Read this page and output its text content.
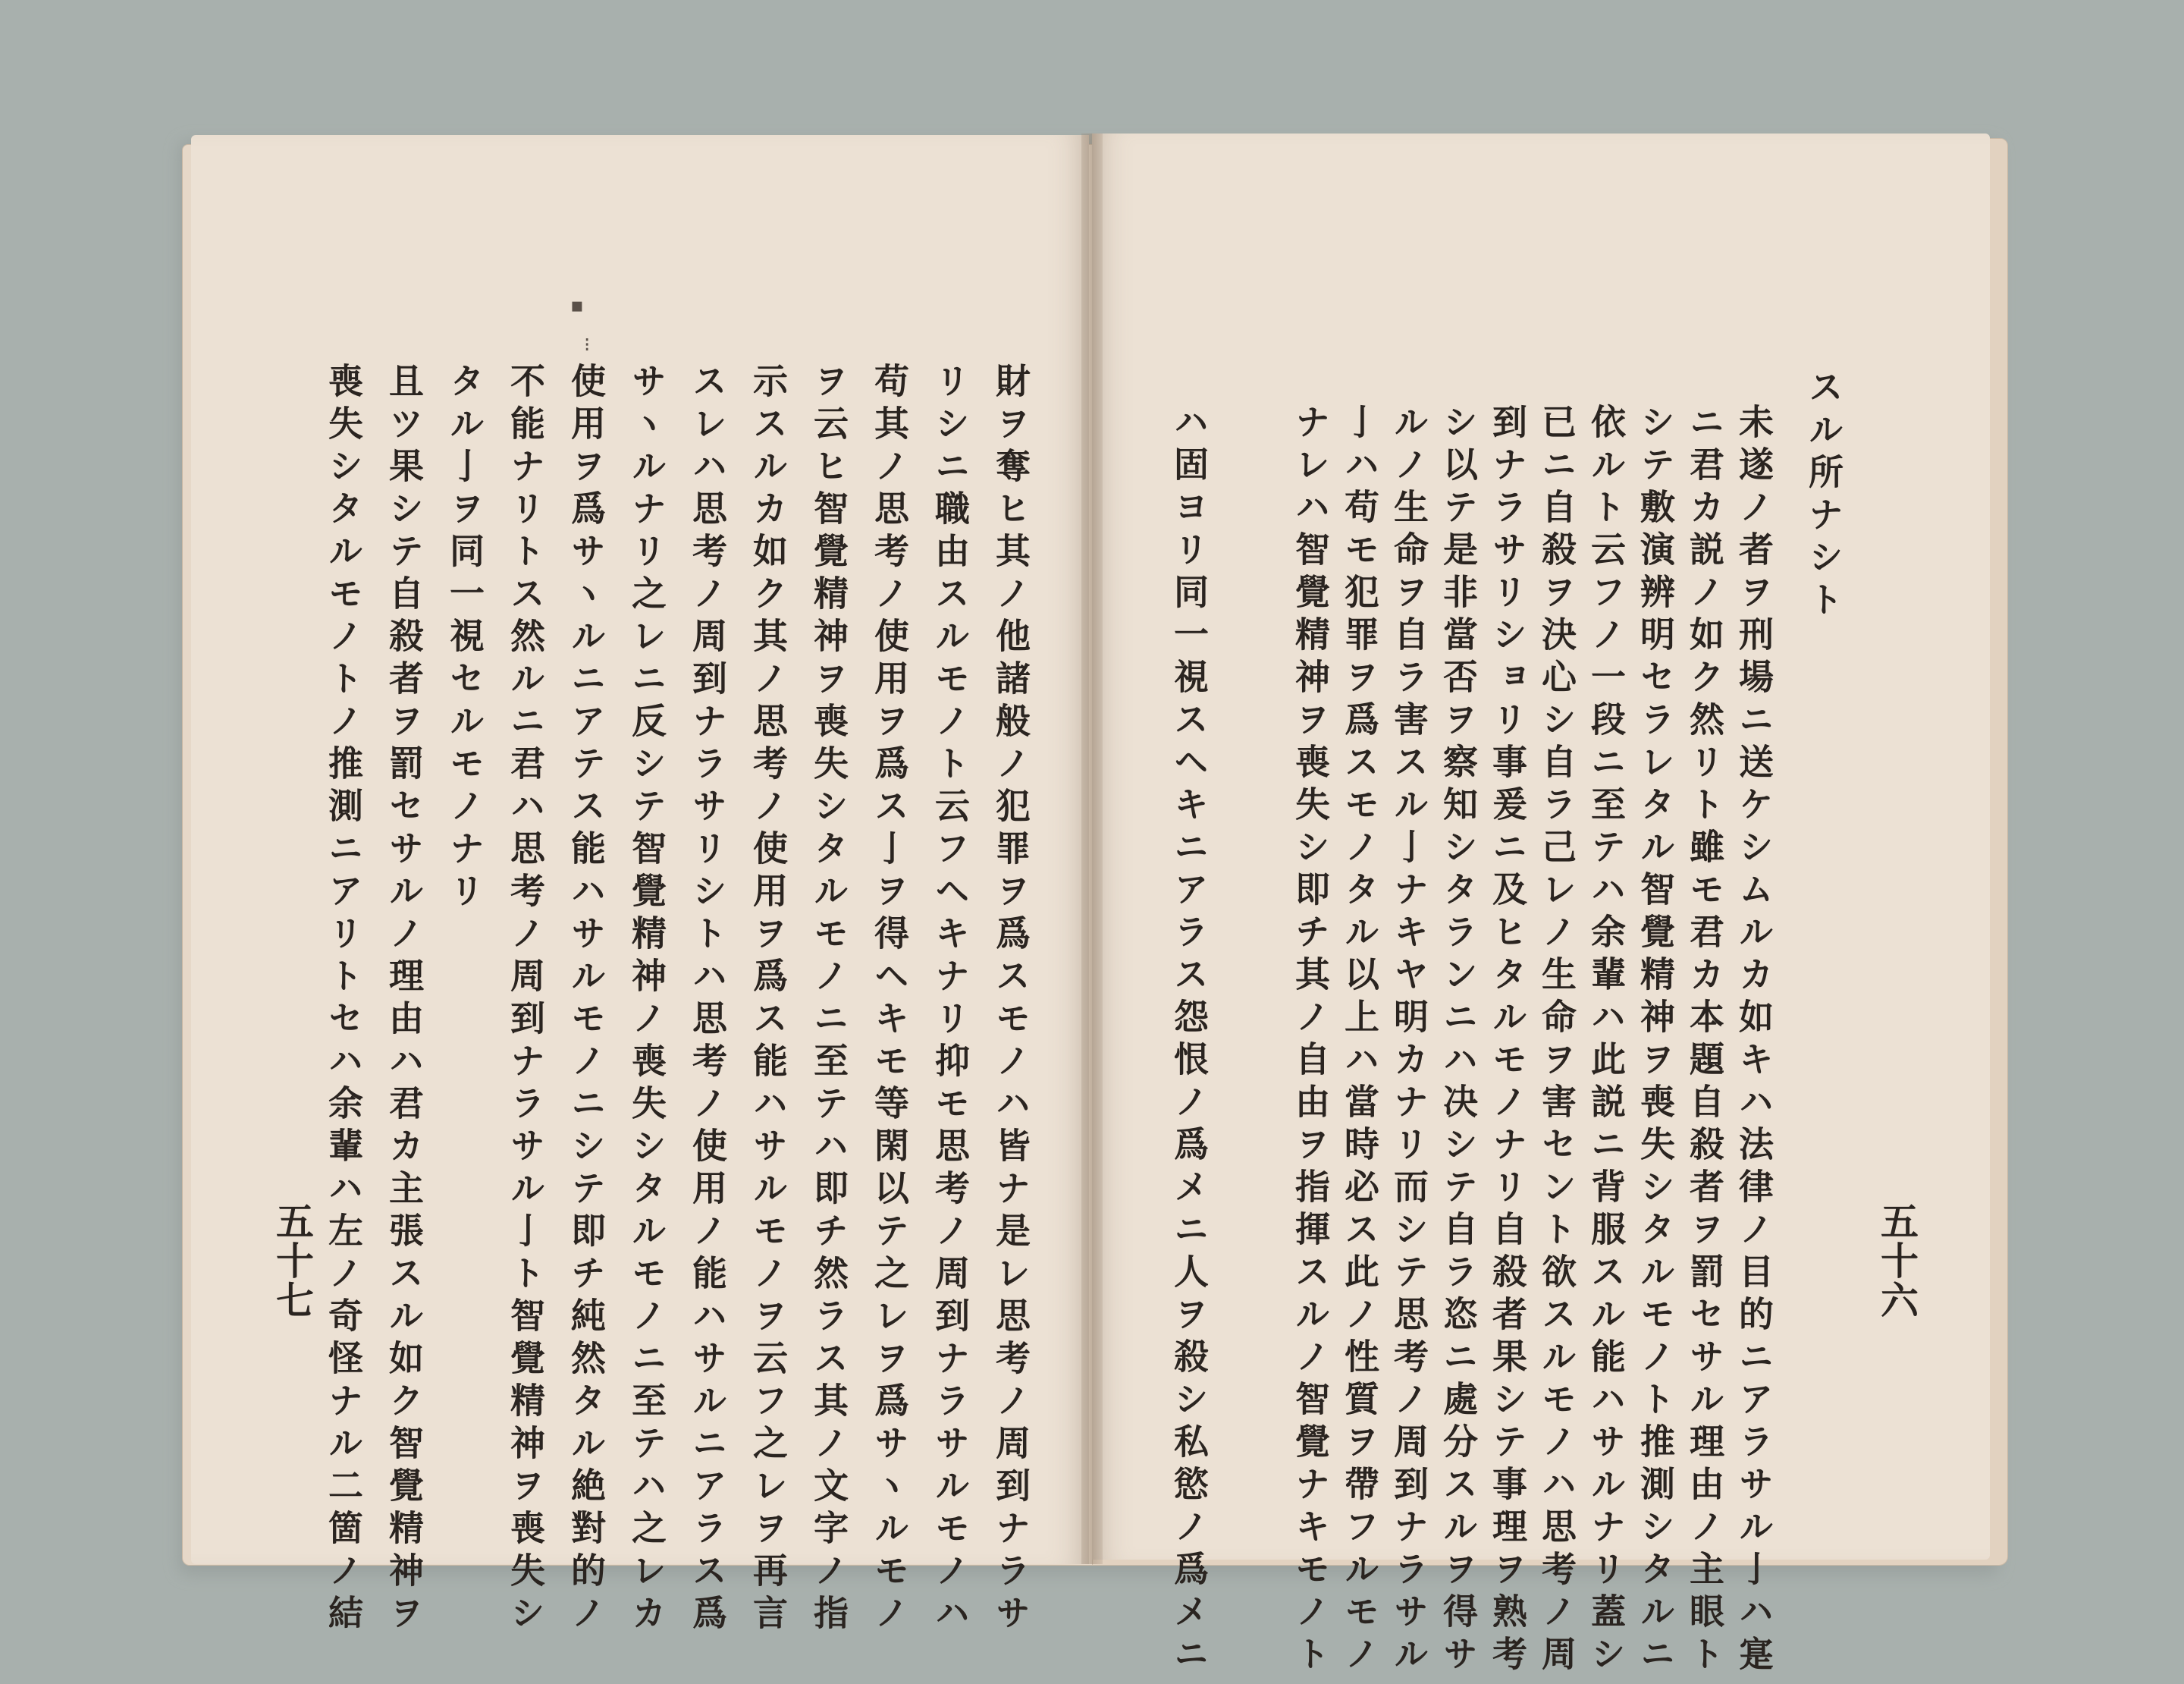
▪
⁝
スル所ナシト
未遂ノ者ヲ刑場ニ送ケシムルカ如キハ法律ノ目的ニアラサル亅ハ寔
ニ君カ説ノ如ク然リト雖モ君カ本題自殺者ヲ罰セサル理由ノ主眼ト
シテ敷演辨明セラレタル智覺精神ヲ喪失シタルモノト推測シタルニ
依ルト云フノ一段ニ至テハ余輩ハ此説ニ背服スル能ハサルナリ蓋シ
已ニ自殺ヲ決心シ自ラ己レノ生命ヲ害セント欲スルモノハ思考ノ周
到ナラサリショリ事爰ニ及ヒタルモノナリ自殺者果シテ事理ヲ熟考
シ以テ是非當否ヲ察知シタランニハ决シテ自ラ恣ニ處分スルヲ得サ
ルノ生命ヲ自ラ害スル亅ナキヤ明カナリ而シテ思考ノ周到ナラサル
亅ハ苟モ犯罪ヲ爲スモノタル以上ハ當時必ス此ノ性質ヲ帶フルモノ
ナレハ智覺精神ヲ喪失シ即チ其ノ自由ヲ指揮スルノ智覺ナキモノト
ハ固ヨリ同一視スヘキニアラス怨恨ノ爲メニ人ヲ殺シ私慾ノ爲メニ	五十六
財ヲ奪ヒ其ノ他諸般ノ犯罪ヲ爲スモノハ皆ナ是レ思考ノ周到ナラサ
リシニ職由スルモノト云フヘキナリ抑モ思考ノ周到ナラサルモノハ
苟其ノ思考ノ使用ヲ爲ス亅ヲ得ヘキモ等閑以テ之レヲ爲サヽルモノ
ヲ云ヒ智覺精神ヲ喪失シタルモノニ至テハ即チ然ラス其ノ文字ノ指
示スルカ如ク其ノ思考ノ使用ヲ爲ス能ハサルモノヲ云フ之レヲ再言
スレハ思考ノ周到ナラサリシトハ思考ノ使用ノ能ハサルニアラス爲
サヽルナリ之レニ反シテ智覺精神ノ喪失シタルモノニ至テハ之レカ
使用ヲ爲サヽルニアテス能ハサルモノニシテ即チ純然タル絶對的ノ
不能ナリトス然ルニ君ハ思考ノ周到ナラサル亅ト智覺精神ヲ喪失シ
タル亅ヲ同一視セルモノナリ
且ツ果シテ自殺者ヲ罰セサルノ理由ハ君カ主張スル如ク智覺精神ヲ
喪失シタルモノトノ推測ニアリトセハ余輩ハ左ノ奇怪ナル二箇ノ結
五十七
